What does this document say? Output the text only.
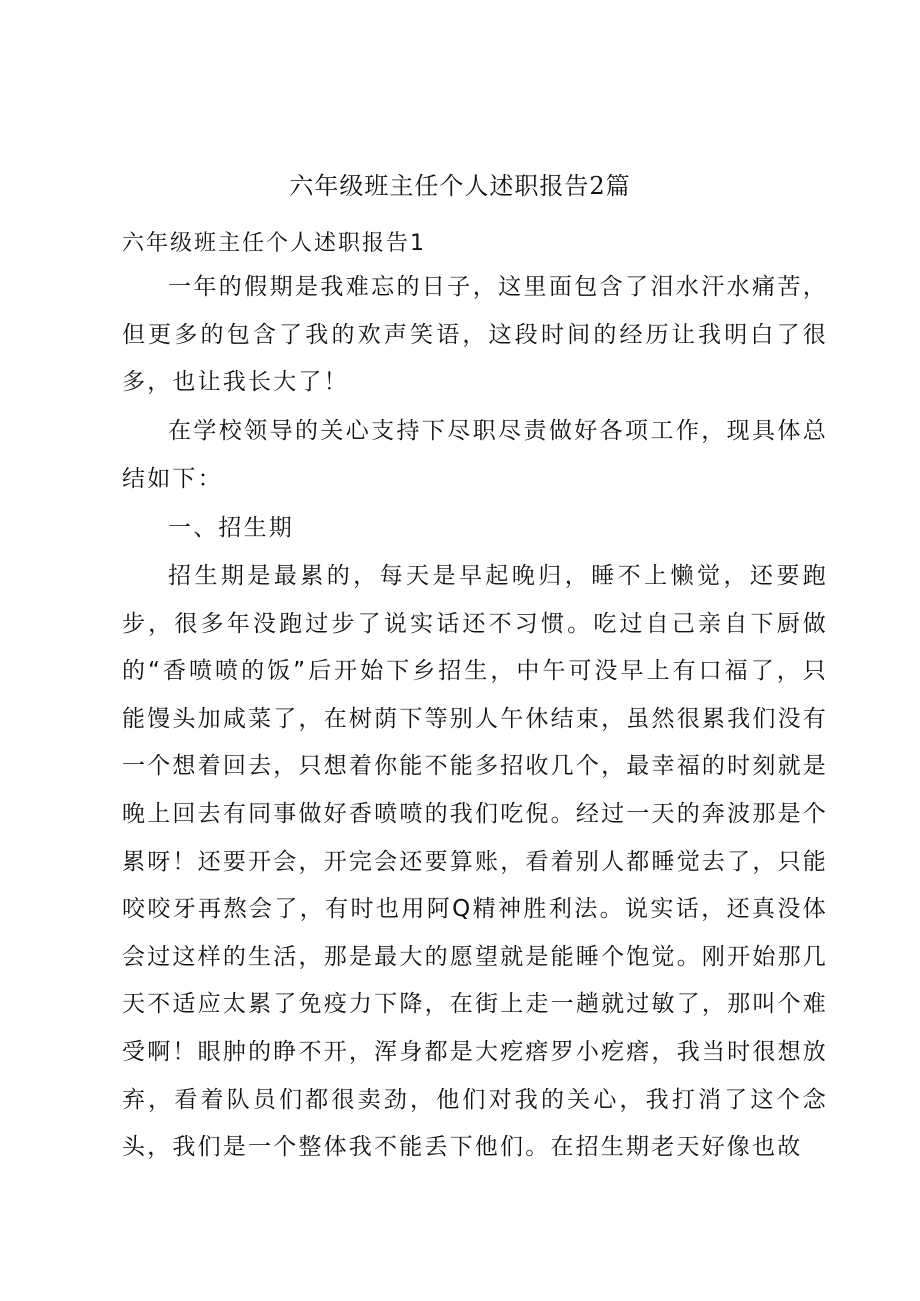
六年级班主任个人述职报告2篇
六年级班主任个人述职报告1

一年的假期是我难忘的日子，这里面包含了泪水汗水痛苦，但更多的包含了我的欢声笑语，这段时间的经历让我明白了很多，也让我长大了！

在学校领导的关心支持下尽职尽责做好各项工作，现具体总结如下：

一、招生期

招生期是最累的，每天是早起晚归，睡不上懒觉，还要跑步，很多年没跑过步了说实话还不习惯。吃过自己亲自下厨做的“香喷喷的饭”后开始下乡招生，中午可没早上有口福了，只能馒头加咸菜了，在树荫下等别人午休结束，虽然很累我们没有一个想着回去，只想着你能不能多招收几个，最幸福的时刻就是晚上回去有同事做好香喷喷的我们吃倪。经过一天的奔波那是个累呀！还要开会，开完会还要算账，看着别人都睡觉去了，只能咬咬牙再熬会了，有时也用阿Q精神胜利法。说实话，还真没体会过这样的生活，那是最大的愿望就是能睡个饱觉。刚开始那几天不适应太累了免疫力下降，在街上走一趟就过敏了，那叫个难受啊！眼肿的睁不开，浑身都是大疙瘩罗小疙瘩，我当时很想放弃，看着队员们都很卖劲，他们对我的关心，我打消了这个念头，我们是一个整体我不能丢下他们。在招生期老天好像也故
